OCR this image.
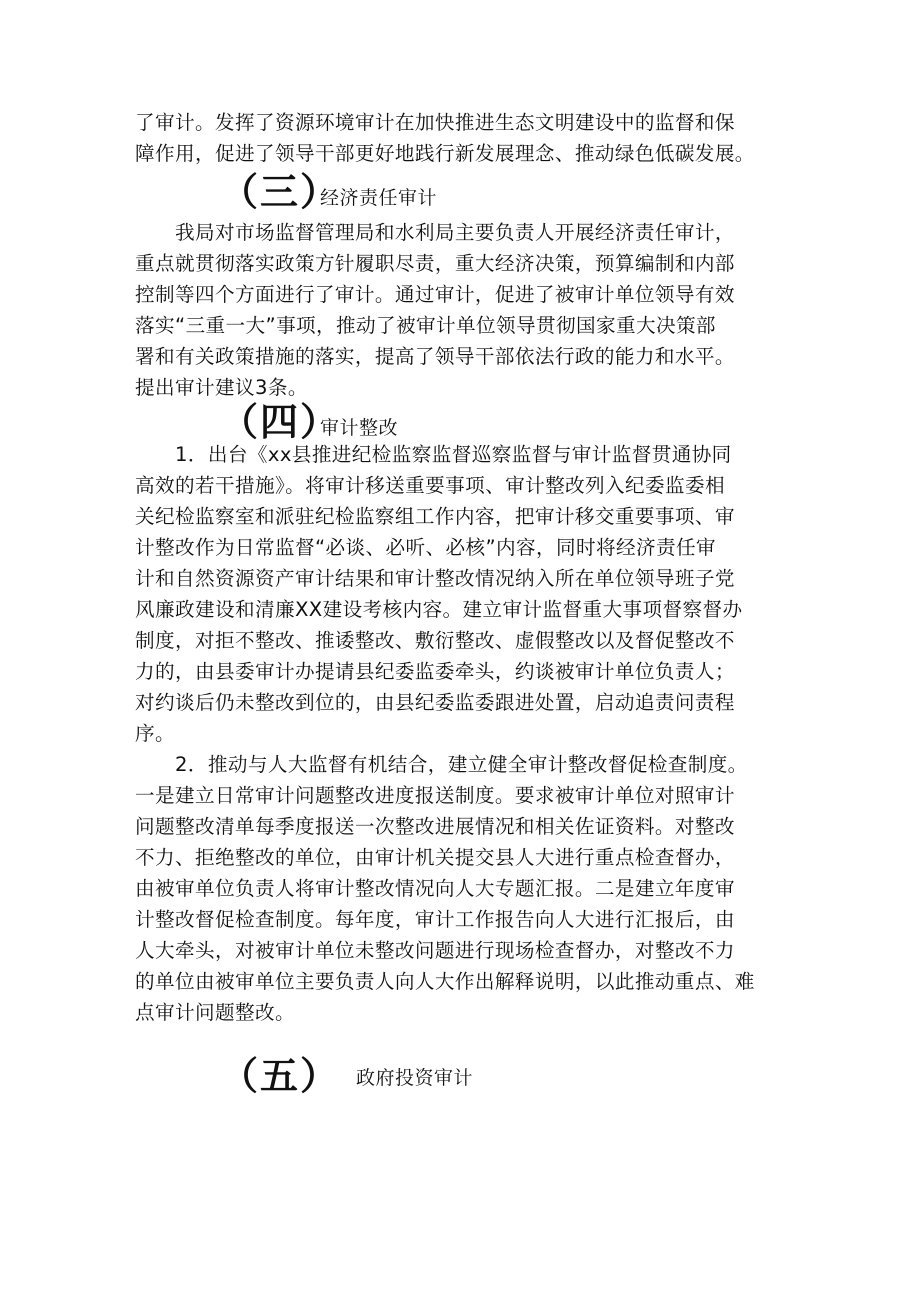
了审计。发挥了资源环境审计在加快推进生态文明建设中的监督和保
障作用，促进了领导干部更好地践行新发展理念、推动绿色低碳发展。
（三）
经济责任审计
　　我局对市场监督管理局和水利局主要负责人开展经济责任审计，
重点就贯彻落实政策方针履职尽责，重大经济决策，预算编制和内部
控制等四个方面进行了审计。通过审计，促进了被审计单位领导有效
落实“三重一大”事项，推动了被审计单位领导贯彻国家重大决策部
署和有关政策措施的落实，提高了领导干部依法行政的能力和水平。
提出审计建议3条。
（四）
审计整改
　　1．出台《xx县推进纪检监察监督巡察监督与审计监督贯通协同
高效的若干措施》。将审计移送重要事项、审计整改列入纪委监委相
关纪检监察室和派驻纪检监察组工作内容，把审计移交重要事项、审
计整改作为日常监督“必谈、必听、必核”内容，同时将经济责任审
计和自然资源资产审计结果和审计整改情况纳入所在单位领导班子党
风廉政建设和清廉XX建设考核内容。建立审计监督重大事项督察督办
制度，对拒不整改、推诿整改、敷衍整改、虚假整改以及督促整改不
力的，由县委审计办提请县纪委监委牵头，约谈被审计单位负责人；
对约谈后仍未整改到位的，由县纪委监委跟进处置，启动追责问责程
序。
　　2．推动与人大监督有机结合，建立健全审计整改督促检查制度。
一是建立日常审计问题整改进度报送制度。要求被审计单位对照审计
问题整改清单每季度报送一次整改进展情况和相关佐证资料。对整改
不力、拒绝整改的单位，由审计机关提交县人大进行重点检查督办，
由被审单位负责人将审计整改情况向人大专题汇报。二是建立年度审
计整改督促检查制度。每年度，审计工作报告向人大进行汇报后，由
人大牵头，对被审计单位未整改问题进行现场检查督办，对整改不力
的单位由被审单位主要负责人向人大作出解释说明，以此推动重点、难
点审计问题整改。
（五） 政府投资审计
